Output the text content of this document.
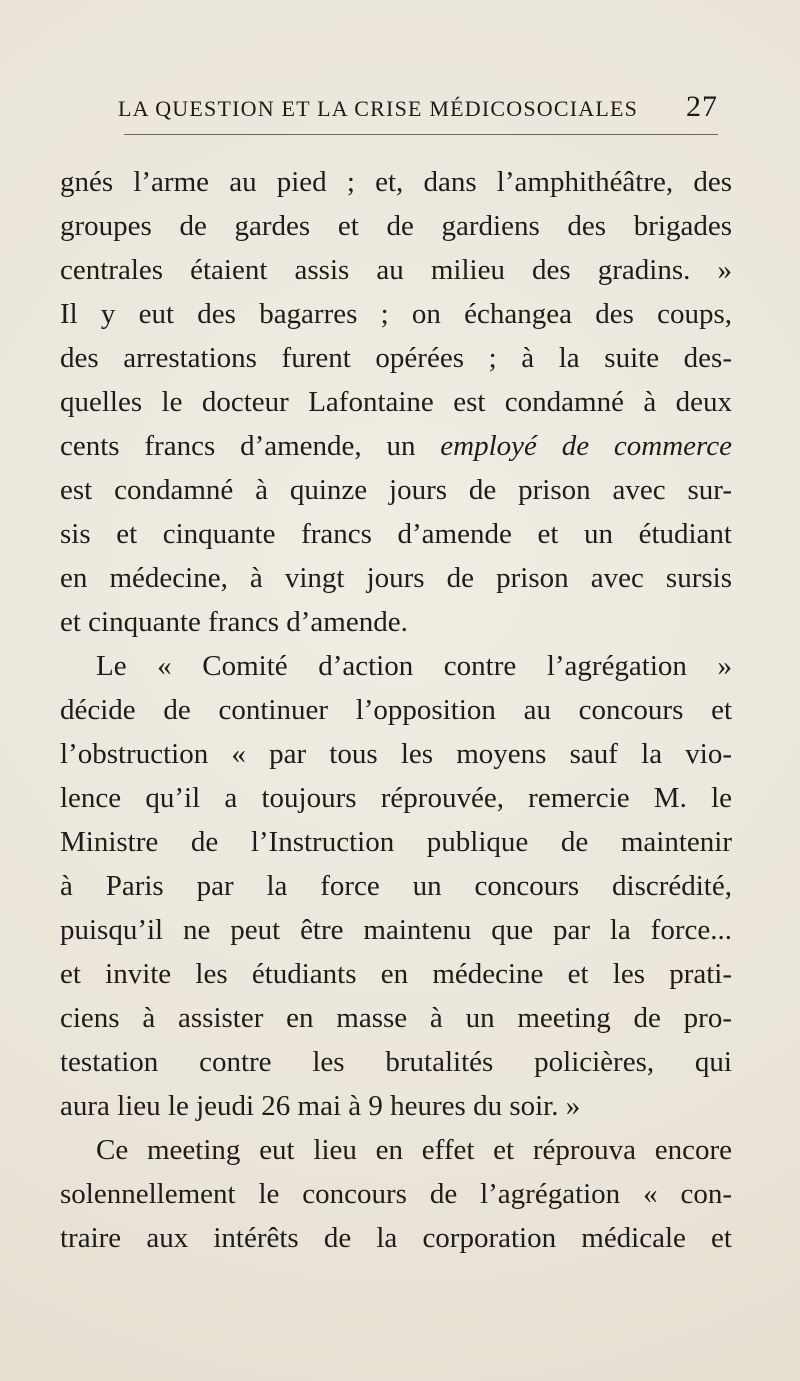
LA QUESTION ET LA CRISE MÉDICOSOCIALES 27
gnés l’arme au pied ; et, dans l’amphithéâtre, des
groupes de gardes et de gardiens des brigades
centrales étaient assis au milieu des gradins. »
Il y eut des bagarres ; on échangea des coups,
des arrestations furent opérées ; à la suite des-
quelles le docteur Lafontaine est condamné à deux
cents francs d’amende, un employé de commerce
est condamné à quinze jours de prison avec sur-
sis et cinquante francs d’amende et un étudiant
en médecine, à vingt jours de prison avec sursis
et cinquante francs d’amende.
Le « Comité d’action contre l’agrégation »
décide de continuer l’opposition au concours et
l’obstruction « par tous les moyens sauf la vio-
lence qu’il a toujours réprouvée, remercie M. le
Ministre de l’Instruction publique de maintenir
à Paris par la force un concours discrédité,
puisqu’il ne peut être maintenu que par la force...
et invite les étudiants en médecine et les prati-
ciens à assister en masse à un meeting de pro-
testation contre les brutalités policières, qui
aura lieu le jeudi 26 mai à 9 heures du soir. »
Ce meeting eut lieu en effet et réprouva encore
solennellement le concours de l’agrégation « con-
traire aux intérêts de la corporation médicale et
